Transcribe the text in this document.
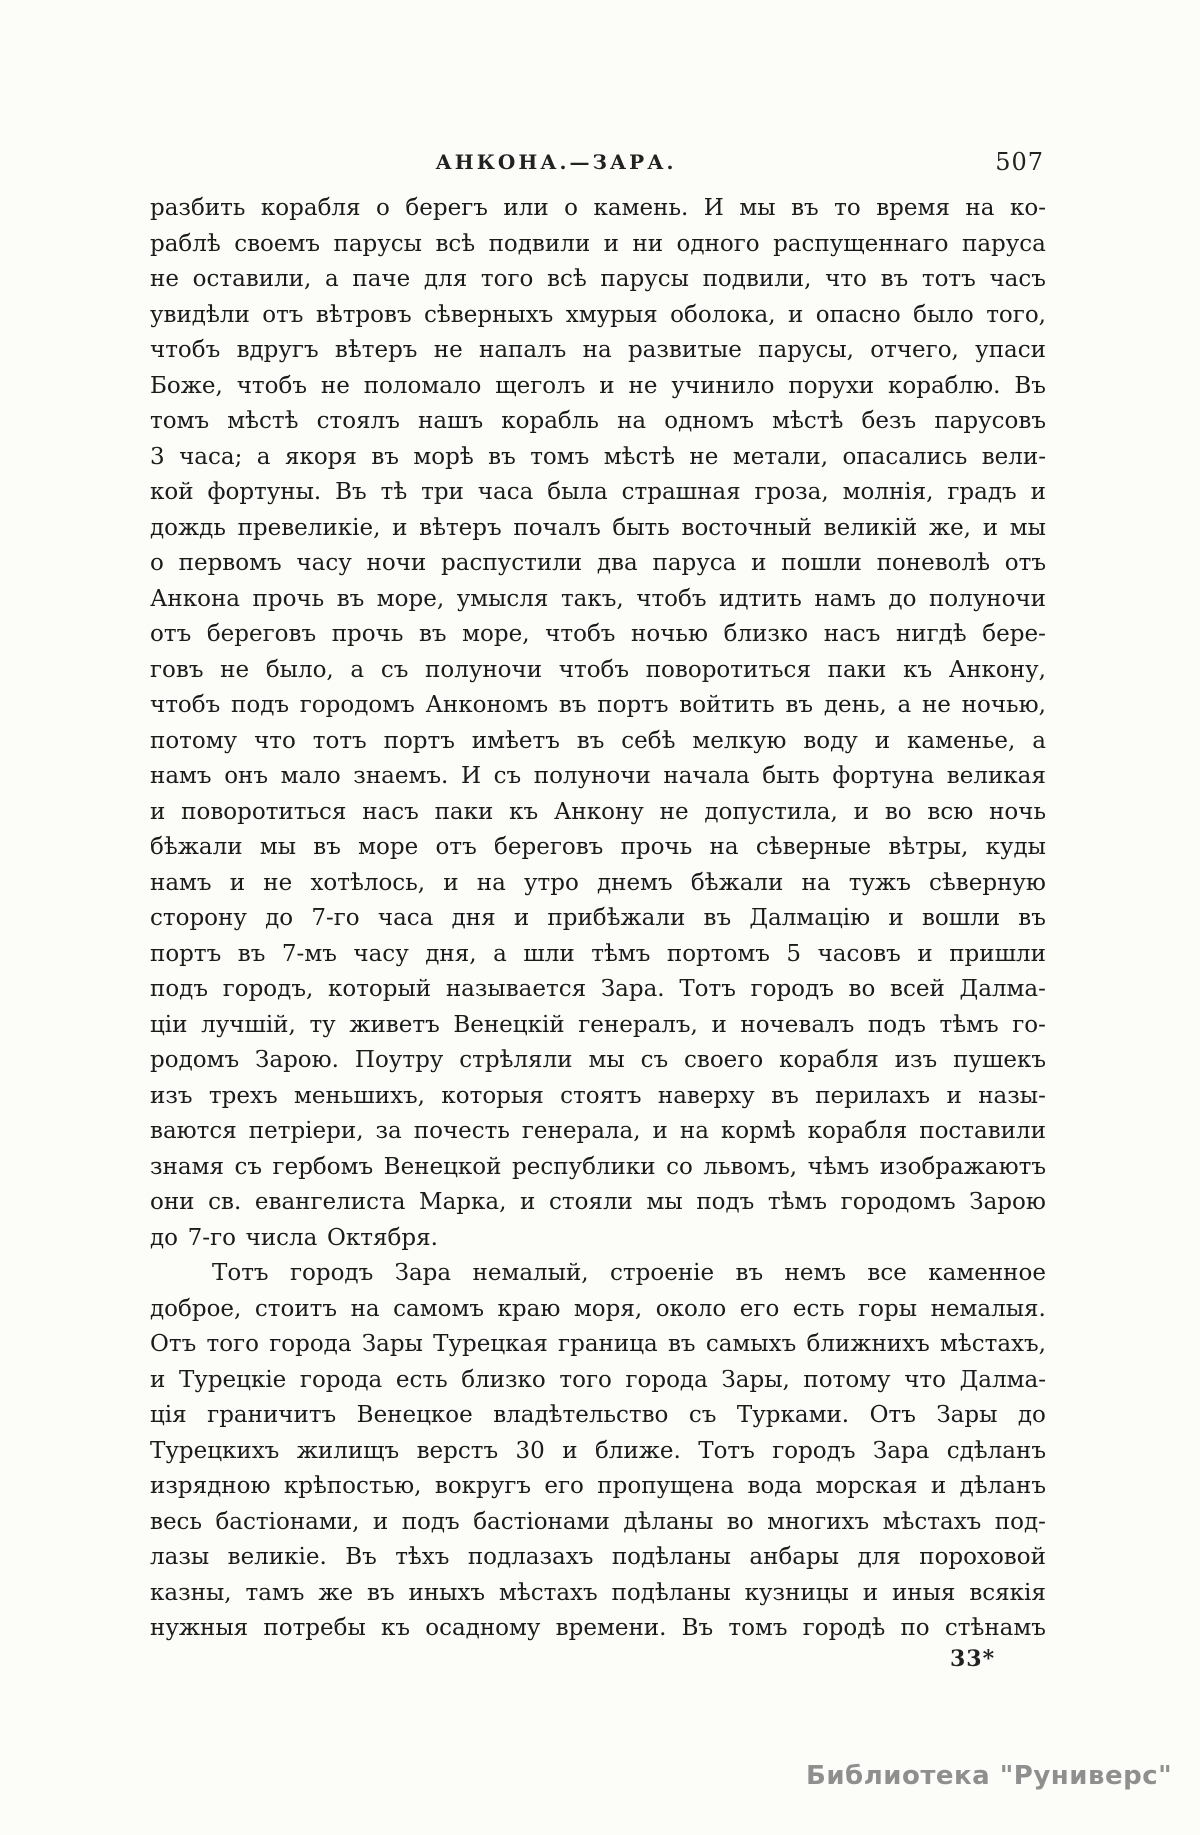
507
АНКОНА.—ЗАРА.
разбить корабля о берегъ или о камень. И мы въ то время на ко-
раблѣ своемъ парусы всѣ подвили и ни одного распущеннаго паруса
не оставили, а паче для того всѣ парусы подвили, что въ тотъ часъ
увидѣли отъ вѣтровъ сѣверныхъ хмурыя оболока, и опасно было того,
чтобъ вдругъ вѣтеръ не напалъ на развитые парусы, отчего, упаси
Боже, чтобъ не поломало щеголъ и не учинило порухи кораблю. Въ
томъ мѣстѣ стоялъ нашъ корабль на одномъ мѣстѣ безъ парусовъ
3 часа; а якоря въ морѣ въ томъ мѣстѣ не метали, опасались вели-
кой фортуны. Въ тѣ три часа была страшная гроза, молнія, градъ и
дождь превеликіе, и вѣтеръ почалъ быть восточный великій же, и мы
о первомъ часу ночи распустили два паруса и пошли поневолѣ отъ
Анкона прочь въ море, умысля такъ, чтобъ идтить намъ до полуночи
отъ береговъ прочь въ море, чтобъ ночью близко насъ нигдѣ бере-
говъ не было, а съ полуночи чтобъ поворотиться паки къ Анкону,
чтобъ подъ городомъ Анкономъ въ портъ войтить въ день, а не ночью,
потому что тотъ портъ имѣетъ въ себѣ мелкую воду и каменье, а
намъ онъ мало знаемъ. И съ полуночи начала быть фортуна великая
и поворотиться насъ паки къ Анкону не допустила, и во всю ночь
бѣжали мы въ море отъ береговъ прочь на сѣверные вѣтры, куды
намъ и не хотѣлось, и на утро днемъ бѣжали на тужъ сѣверную
сторону до 7-го часа дня и прибѣжали въ Далмацію и вошли въ
портъ въ 7-мъ часу дня, а шли тѣмъ портомъ 5 часовъ и пришли
подъ городъ, который называется Зара. Тотъ городъ во всей Далма-
ціи лучшій, ту живетъ Венецкій генералъ, и ночевалъ подъ тѣмъ го-
родомъ Зарою. Поутру стрѣляли мы съ своего корабля изъ пушекъ
изъ трехъ меньшихъ, которыя стоятъ наверху въ перилахъ и назы-
ваются петріери, за почесть генерала, и на кормѣ корабля поставили
знамя съ гербомъ Венецкой республики со львомъ, чѣмъ изображаютъ
они св. евангелиста Марка, и стояли мы подъ тѣмъ городомъ Зарою
до 7-го числа Октября.
Тотъ городъ Зара немалый, строеніе въ немъ все каменное
доброе, стоитъ на самомъ краю моря, около его есть горы немалыя.
Отъ того города Зары Турецкая граница въ самыхъ ближнихъ мѣстахъ,
и Турецкіе города есть близко того города Зары, потому что Далма-
ція граничитъ Венецкое владѣтельство съ Турками. Отъ Зары до
Турецкихъ жилищъ верстъ 30 и ближе. Тотъ городъ Зара сдѣланъ
изрядною крѣпостью, вокругъ его пропущена вода морская и дѣланъ
весь бастіонами, и подъ бастіонами дѣланы во многихъ мѣстахъ под-
лазы великіе. Въ тѣхъ подлазахъ подѣланы анбары для пороховой
казны, тамъ же въ иныхъ мѣстахъ подѣланы кузницы и иныя всякія
нужныя потребы къ осадному времени. Въ томъ городѣ по стѣнамъ
33*
Библиотека "Руниверс"
